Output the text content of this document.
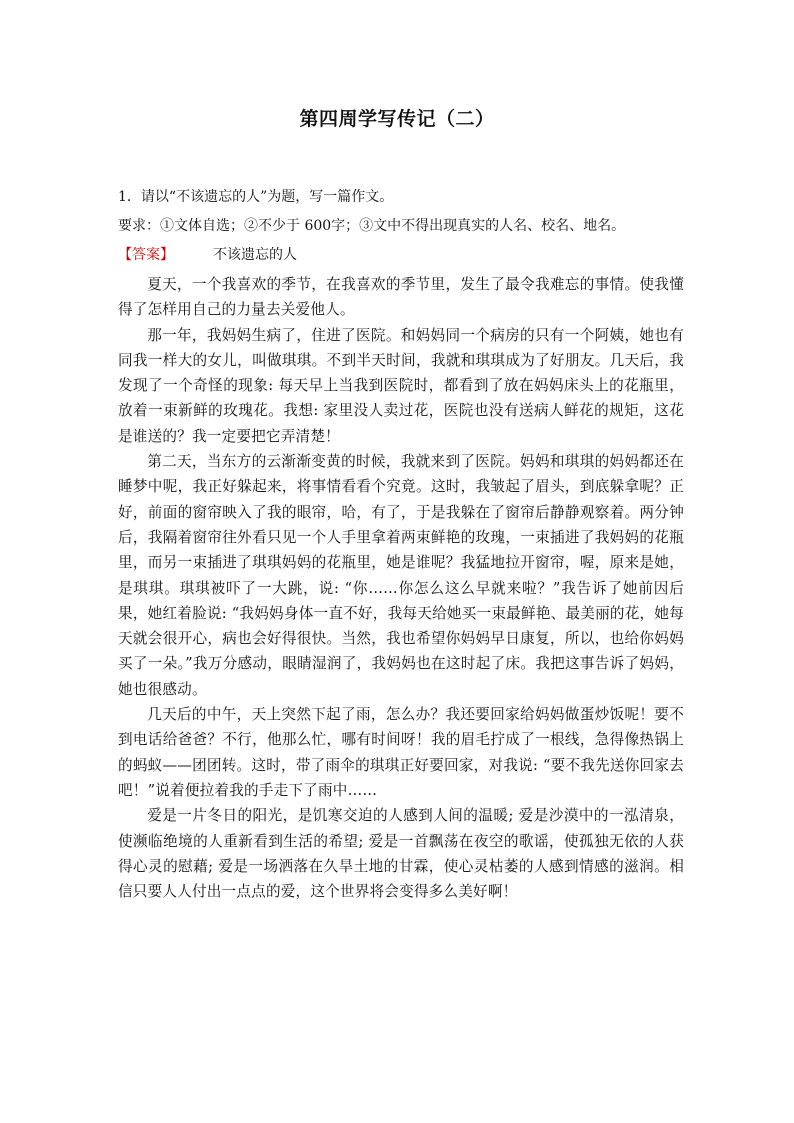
第四周学写传记（二）

1．请以“不该遗忘的人”为题，写一篇作文。

要求：①文体自选；②不少于 600字；③文中不得出现真实的人名、校名、地名。

【答案】	不该遗忘的人

夏天，一个我喜欢的季节，在我喜欢的季节里，发生了最令我难忘的事情。使我懂得了怎样用自己的力量去关爱他人。

那一年，我妈妈生病了，住进了医院。和妈妈同一个病房的只有一个阿姨，她也有同我一样大的女儿，叫做琪琪。不到半天时间，我就和琪琪成为了好朋友。几天后，我发现了一个奇怪的现象: 每天早上当我到医院时，都看到了放在妈妈床头上的花瓶里，放着一束新鲜的玫瑰花。我想: 家里没人卖过花，医院也没有送病人鲜花的规矩，这花是谁送的？我一定要把它弄清楚！

第二天，当东方的云渐渐变黄的时候，我就来到了医院。妈妈和琪琪的妈妈都还在睡梦中呢，我正好躲起来，将事情看看个究竟。这时，我皱起了眉头，到底躲拿呢？正好，前面的窗帘映入了我的眼帘，哈，有了，于是我躲在了窗帘后静静观察着。两分钟后，我隔着窗帘往外看只见一个人手里拿着两束鲜艳的玫瑰，一束插进了我妈妈的花瓶里，而另一束插进了琪琪妈妈的花瓶里，她是谁呢？我猛地拉开窗帘，喔，原来是她，是琪琪。琪琪被吓了一大跳，说: “你……你怎么这么早就来啦？”我告诉了她前因后果，她红着脸说: “我妈妈身体一直不好，我每天给她买一束最鲜艳、最美丽的花，她每天就会很开心，病也会好得很快。当然，我也希望你妈妈早日康复，所以，也给你妈妈买了一朵。”我万分感动，眼睛湿润了，我妈妈也在这时起了床。我把这事告诉了妈妈，她也很感动。

几天后的中午，天上突然下起了雨，怎么办？我还要回家给妈妈做蛋炒饭呢！要不到电话给爸爸？不行，他那么忙，哪有时间呀！我的眉毛拧成了一根线，急得像热锅上的蚂蚁——团团转。这时，带了雨伞的琪琪正好要回家，对我说: “要不我先送你回家去吧！”说着便拉着我的手走下了雨中……

爱是一片冬日的阳光，是饥寒交迫的人感到人间的温暖; 爱是沙漠中的一泓清泉，使濒临绝境的人重新看到生活的希望; 爱是一首飘荡在夜空的歌谣，使孤独无依的人获得心灵的慰藉; 爱是一场洒落在久旱土地的甘霖，使心灵枯萎的人感到情感的滋润。相信只要人人付出一点点的爱，这个世界将会变得多么美好啊！
